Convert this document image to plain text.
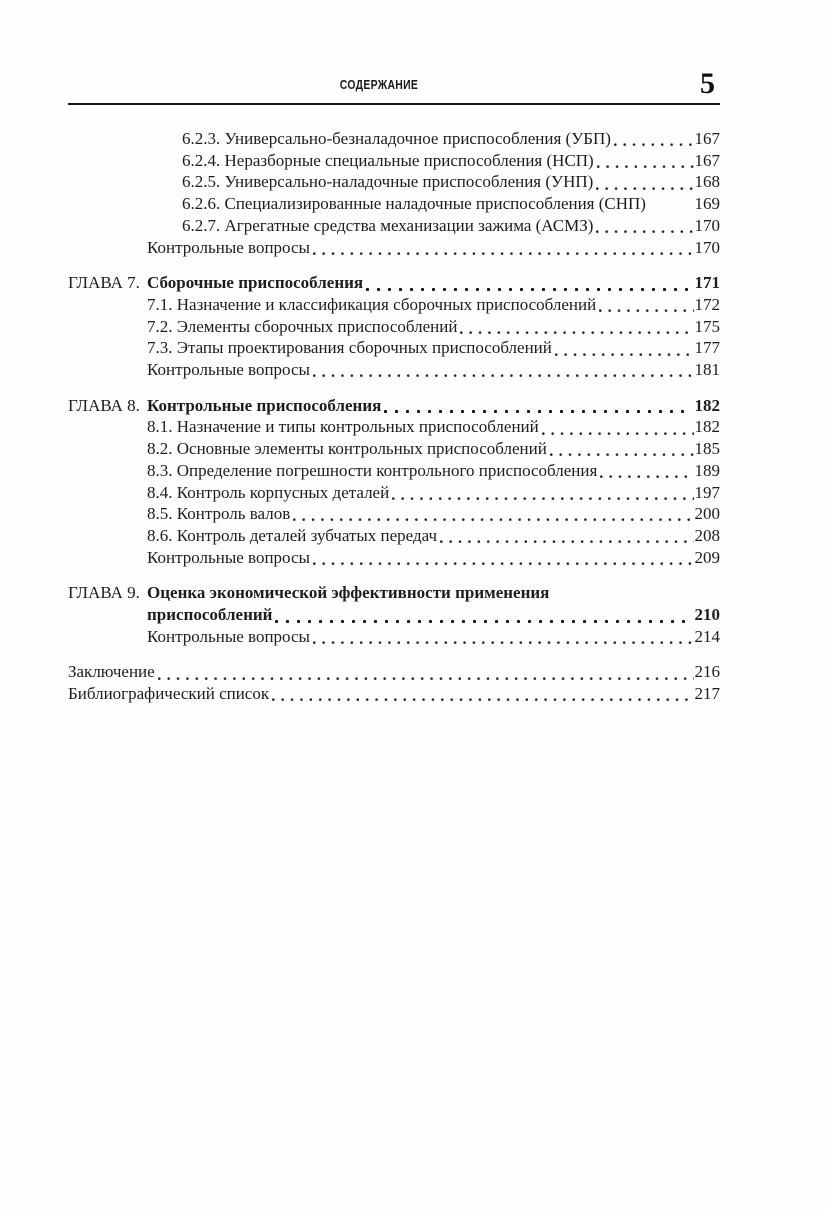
СОДЕРЖАНИЕ	5
6.2.3. Универсально-безналадочное приспособления (УБП)	167
6.2.4. Неразборные специальные приспособления (НСП)	167
6.2.5. Универсально-наладочные приспособления (УНП)	168
6.2.6. Специализированные наладочные приспособления (СНП)	169
6.2.7. Агрегатные средства механизации зажима (АСМЗ)	170
Контрольные вопросы	170
ГЛАВА 7. Сборочные приспособления	171
7.1. Назначение и классификация сборочных приспособлений	172
7.2. Элементы сборочных приспособлений	175
7.3. Этапы проектирования сборочных приспособлений	177
Контрольные вопросы	181
ГЛАВА 8. Контрольные приспособления	182
8.1. Назначение и типы контрольных приспособлений	182
8.2. Основные элементы контрольных приспособлений	185
8.3. Определение погрешности контрольного приспособления	189
8.4. Контроль корпусных деталей	197
8.5. Контроль валов	200
8.6. Контроль деталей зубчатых передач	208
Контрольные вопросы	209
ГЛАВА 9. Оценка экономической эффективности применения
приспособлений	210
Контрольные вопросы	214
Заключение	216
Библиографический список	217
